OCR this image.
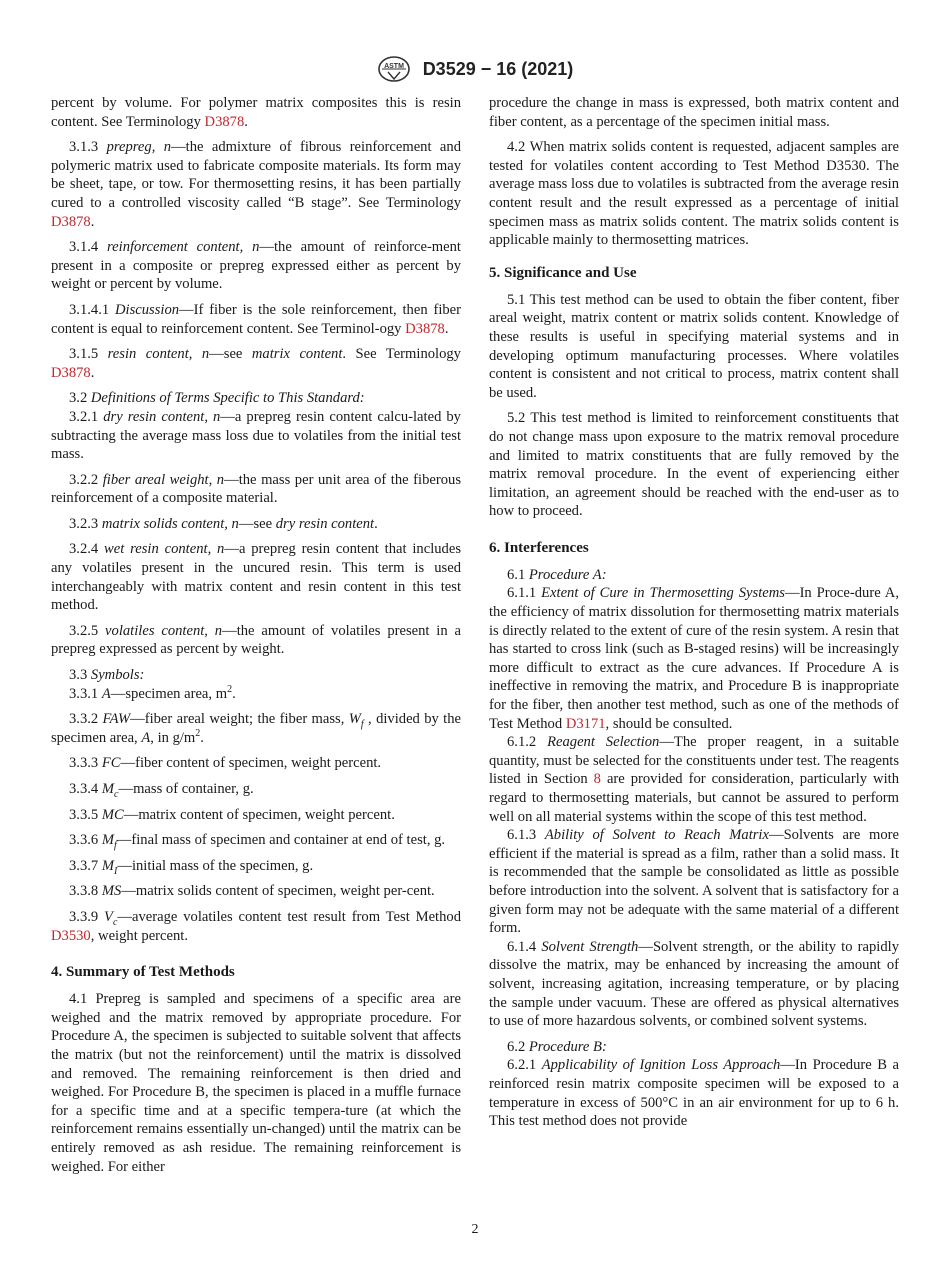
ASTM D3529 − 16 (2021)

percent by volume. For polymer matrix composites this is resin content. See Terminology D3878.

3.1.3 prepreg, n—the admixture of fibrous reinforcement and polymeric matrix used to fabricate composite materials. Its form may be sheet, tape, or tow. For thermosetting resins, it has been partially cured to a controlled viscosity called “B stage”. See Terminology D3878.

3.1.4 reinforcement content, n—the amount of reinforce-ment present in a composite or prepreg expressed either as percent by weight or percent by volume.

3.1.4.1 Discussion—If fiber is the sole reinforcement, then fiber content is equal to reinforcement content. See Terminol-ogy D3878.

3.1.5 resin content, n—see matrix content. See Terminology D3878.

3.2 Definitions of Terms Specific to This Standard:

3.2.1 dry resin content, n—a prepreg resin content calcu-lated by subtracting the average mass loss due to volatiles from the initial test mass.

3.2.2 fiber areal weight, n—the mass per unit area of the fiberous reinforcement of a composite material.

3.2.3 matrix solids content, n—see dry resin content.

3.2.4 wet resin content, n—a prepreg resin content that includes any volatiles present in the uncured resin. This term is used interchangeably with matrix content and resin content in this test method.

3.2.5 volatiles content, n—the amount of volatiles present in a prepreg expressed as percent by weight.

3.3 Symbols:

3.3.1 A—specimen area, $m^2$.

3.3.2 FAW—fiber areal weight; the fiber mass, $W_f$ , divided by the specimen area, A, in $g/m^2$.

3.3.3 FC—fiber content of specimen, weight percent.

3.3.4 $M_c—mass$ of container, g.

3.3.5 MC—matrix content of specimen, weight percent.

3.3.6 $M_f—final$ mass of specimen and container at end of test, g.

3.3.7 $M_I—initial$ mass of the specimen, g.

3.3.8 MS—matrix solids content of specimen, weight per-cent.

3.3.9 $V_c—average$ volatiles content test result from Test Method D3530, weight percent.

4. Summary of Test Methods

4.1 Prepreg is sampled and specimens of a specific area are weighed and the matrix removed by appropriate procedure. For Procedure A, the specimen is subjected to suitable solvent that affects the matrix (but not the reinforcement) until the matrix is dissolved and removed. The remaining reinforcement is then dried and weighed. For Procedure B, the specimen is placed in a muffle furnace for a specific time and at a specific tempera-ture (at which the reinforcement remains essentially un-changed) until the matrix can be entirely removed as ash residue. The remaining reinforcement is weighed. For either

procedure the change in mass is expressed, both matrix content and fiber content, as a percentage of the specimen initial mass.

4.2 When matrix solids content is requested, adjacent samples are tested for volatiles content according to Test Method D3530. The average mass loss due to volatiles is subtracted from the average resin content result and the result expressed as a percentage of initial specimen mass as matrix solids content. The matrix solids content is applicable mainly to thermosetting matrices.

5. Significance and Use

5.1 This test method can be used to obtain the fiber content, fiber areal weight, matrix content or matrix solids content. Knowledge of these results is useful in specifying material systems and in developing optimum manufacturing processes. Where volatiles content is consistent and not critical to process, matrix content shall be used.

5.2 This test method is limited to reinforcement constituents that do not change mass upon exposure to the matrix removal procedure and limited to matrix constituents that are fully removed by the matrix removal procedure. In the event of experiencing either limitation, an agreement should be reached with the end-user as to how to proceed.

6. Interferences

6.1 Procedure A:

6.1.1 Extent of Cure in Thermosetting Systems—In Proce-dure A, the efficiency of matrix dissolution for thermosetting matrix materials is directly related to the extent of cure of the resin system. A resin that has started to cross link (such as B-staged resins) will be increasingly more difficult to extract as the cure advances. If Procedure A is ineffective in removing the matrix, and Procedure B is inappropriate for the fiber, then another test method, such as one of the methods of Test Method D3171, should be consulted.

6.1.2 Reagent Selection—The proper reagent, in a suitable quantity, must be selected for the constituents under test. The reagents listed in Section 8 are provided for consideration, particularly with regard to thermosetting materials, but cannot be assured to perform well on all material systems within the scope of this test method.

6.1.3 Ability of Solvent to Reach Matrix—Solvents are more efficient if the material is spread as a film, rather than a solid mass. It is recommended that the sample be consolidated as little as possible before introduction into the solvent. A solvent that is satisfactory for a given form may not be adequate with the same material of a different form.

6.1.4 Solvent Strength—Solvent strength, or the ability to rapidly dissolve the matrix, may be enhanced by increasing the amount of solvent, increasing agitation, increasing temperature, or by placing the sample under vacuum. These are offered as physical alternatives to use of more hazardous solvents, or combined solvent systems.

6.2 Procedure B:

6.2.1 Applicability of Ignition Loss Approach—In Procedure B a reinforced resin matrix composite specimen will be exposed to a temperature in excess of 500°C in an air environment for up to 6 h. This test method does not provide

2
